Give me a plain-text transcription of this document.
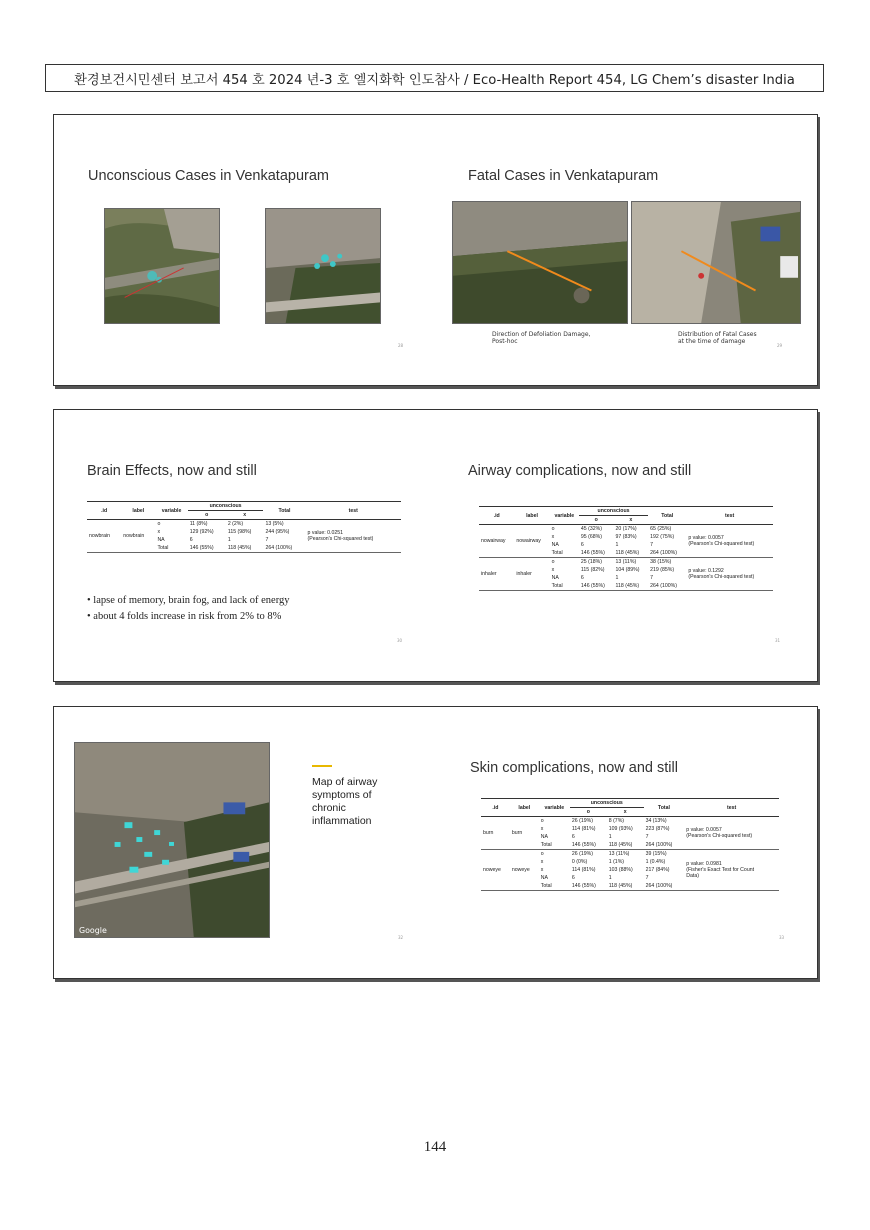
환경보건시민센터 보고서 454 호 2024 년-3 호 엘지화학 인도참사 / Eco-Health Report 454, LG Chem’s disaster India
Unconscious Cases in Venkatapuram
28
Fatal Cases in Venkatapuram
Direction of Defoliation Damage,
Post-hoc
Distribution of Fatal Cases
at the time of damage
29
Brain Effects, now and still
.id	label	variable	unconscious		Total	test
			o	x		
nowbrain	nowbrain	o	11 (8%)	2 (2%)	13 (5%)	p value: 0.0251
(Pearson's Chi-squared test)
		x	129 (92%)	115 (98%)	244 (95%)	
		NA	6	1	7	
		Total	146 (55%)	118 (45%)	264 (100%)	
• lapse of memory, brain fog, and lack of energy
• about 4 folds increase in risk from 2% to 8%
30
Airway complications, now and still
.id	label	variable	unconscious		Total	test
			o	x		
nowairway	nowairway	o	45 (32%)	20 (17%)	65 (25%)	p value: 0.0057
(Pearson's Chi-squared test)
		x	95 (68%)	97 (83%)	192 (75%)	
		NA	6	1	7	
		Total	146 (55%)	118 (45%)	264 (100%)	
inhaler	inhaler	o	25 (18%)	13 (11%)	38 (15%)	p value: 0.1292
(Pearson's Chi-squared test)
		x	115 (82%)	104 (89%)	219 (85%)	
		NA	6	1	7	
		Total	146 (55%)	118 (45%)	264 (100%)	
31
Google
Map of airway
symptoms of
chronic
inflammation
32
Skin complications, now and still
.id	label	variable	unconscious		Total	test
			o	x		
burn	burn	o	26 (19%)	8 (7%)	34 (13%)	p value: 0.0057
(Pearson's Chi-squared test)
		x	114 (81%)	109 (93%)	223 (87%)	
		NA	6	1	7	
		Total	146 (55%)	118 (45%)	264 (100%)	
noweye	noweye	o	26 (19%)	13 (11%)	39 (15%)	p value: 0.0981
(Fisher's Exact Test for Count
Data)
		x	0 (0%)	1 (1%)	1 (0.4%)	
		x	114 (81%)	103 (88%)	217 (84%)	
		NA	6	1	7	
		Total	146 (55%)	118 (45%)	264 (100%)	
33
144
